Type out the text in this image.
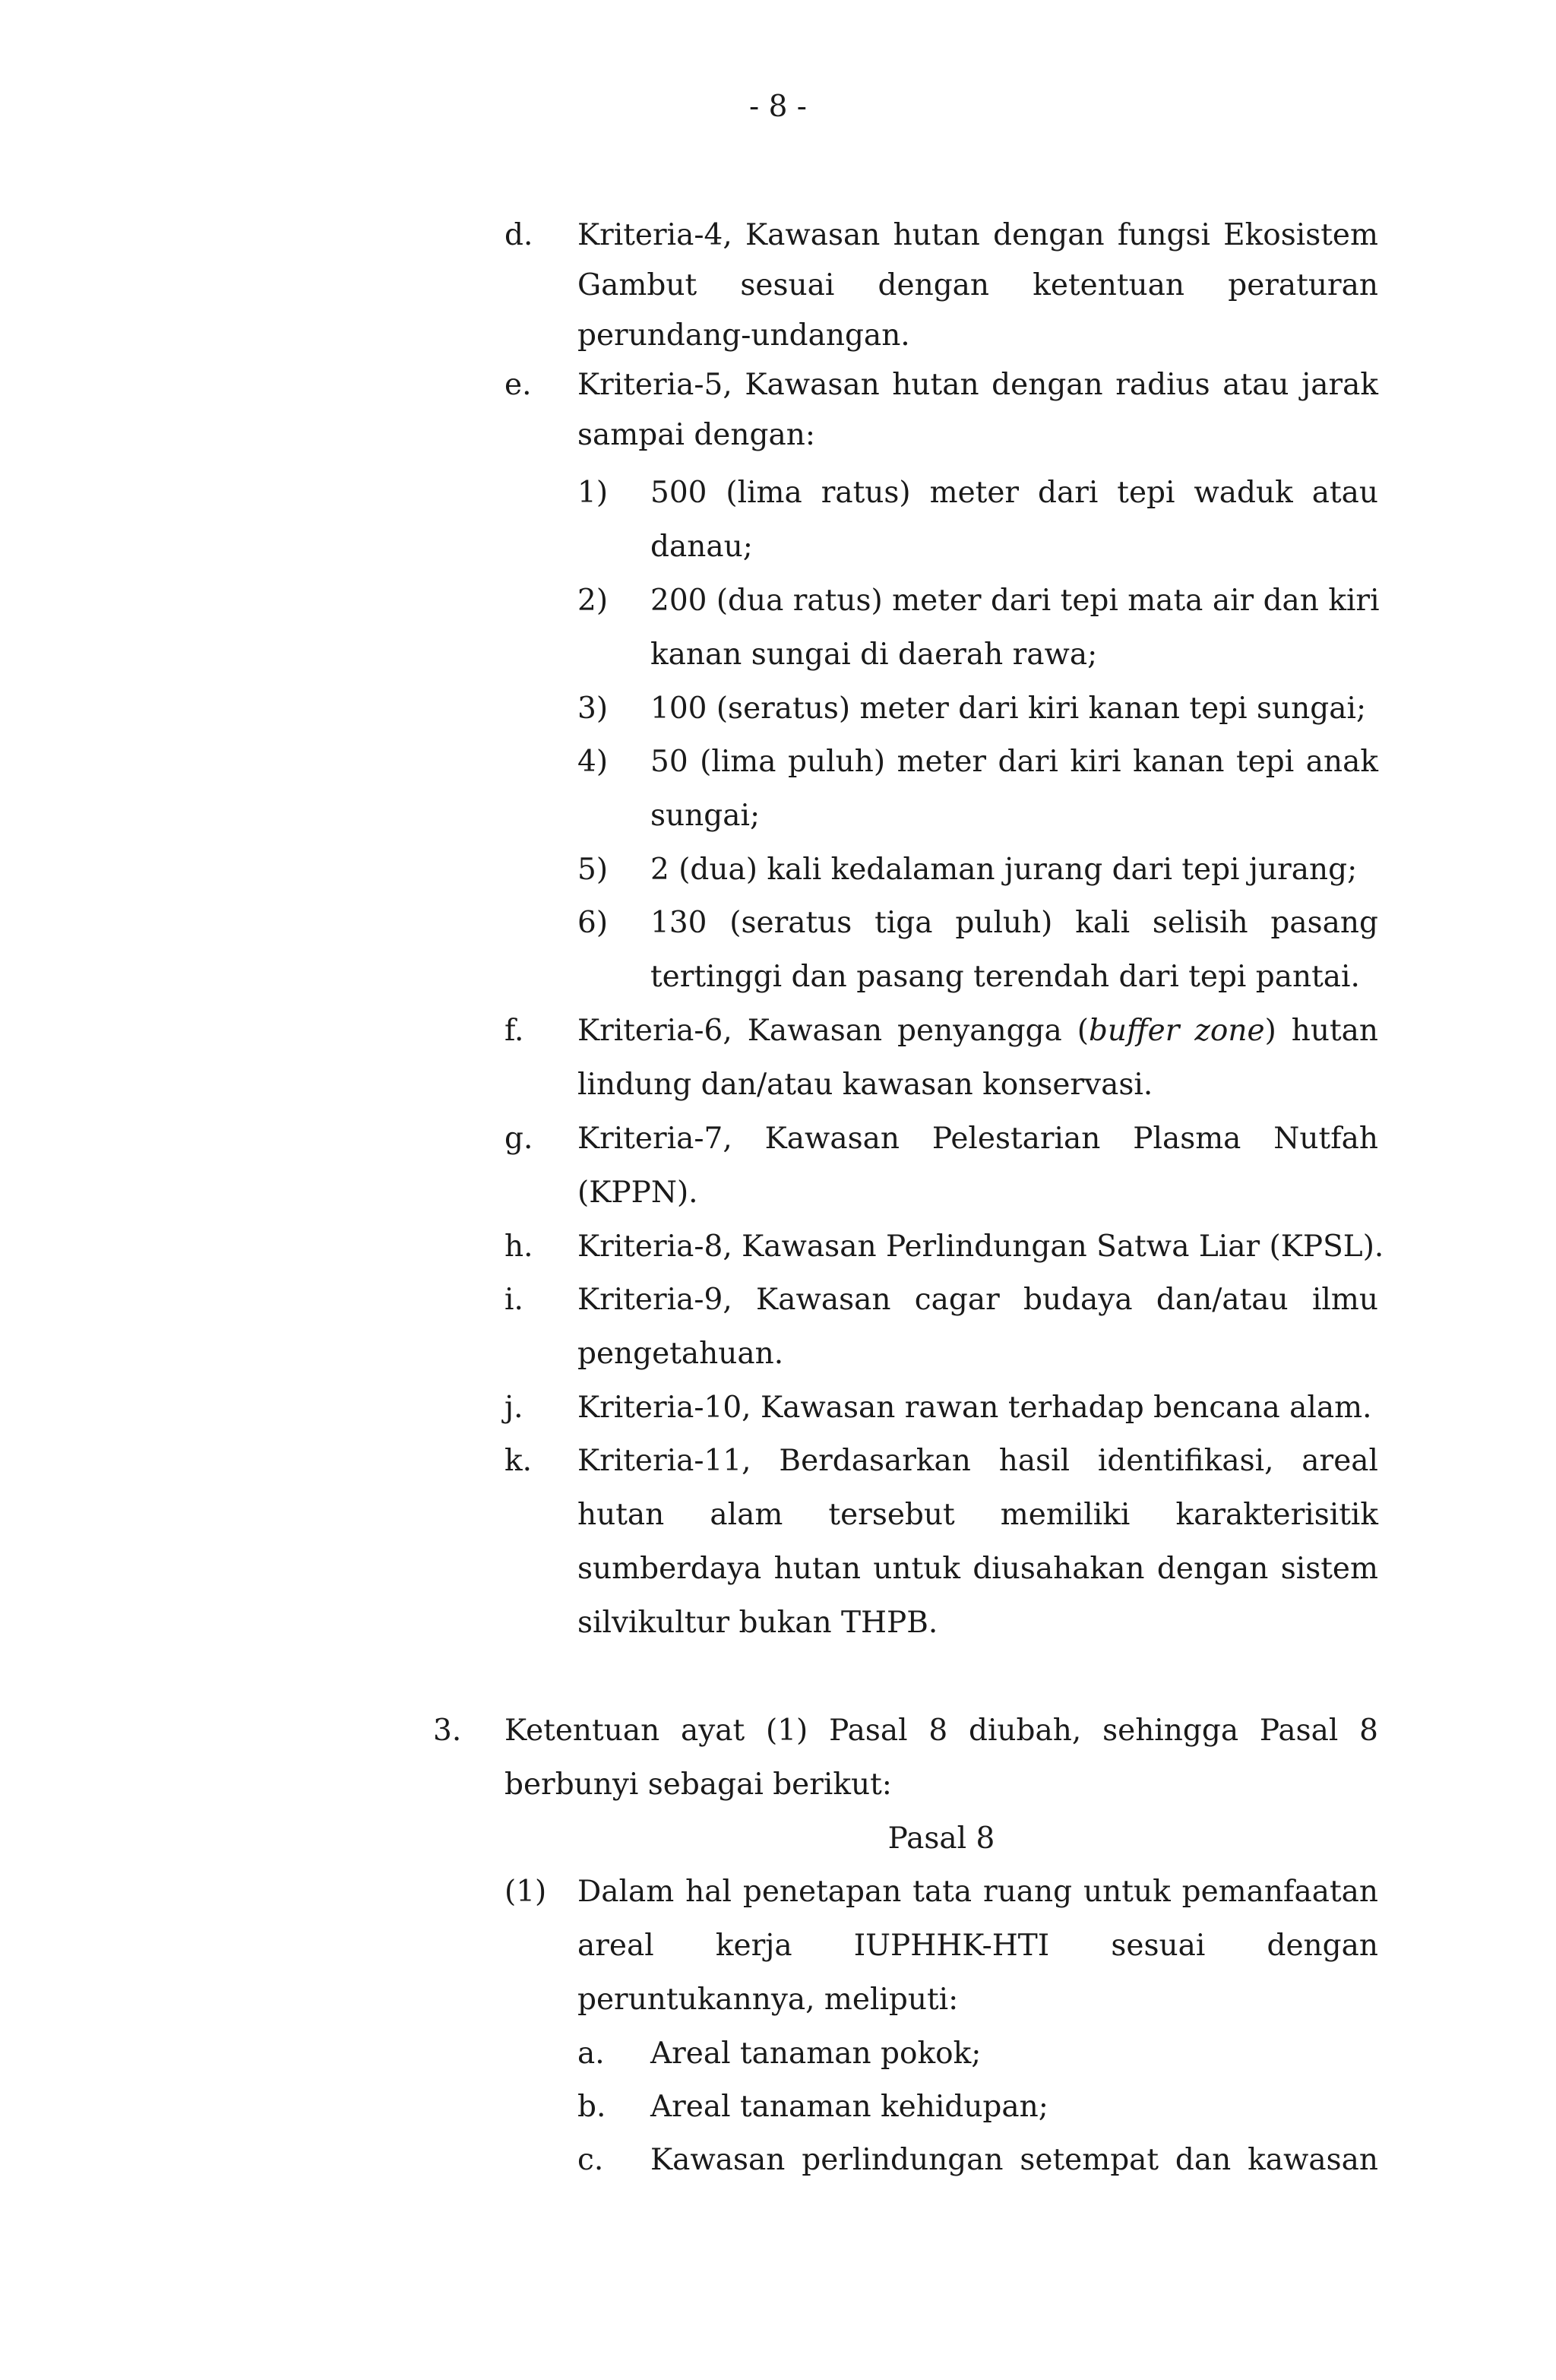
- 8 -
d. Kriteria-4, Kawasan hutan dengan fungsi Ekosistem
Gambut sesuai dengan ketentuan peraturan
perundang-undangan.
e. Kriteria-5, Kawasan hutan dengan radius atau jarak
sampai dengan:
1) 500 (lima ratus) meter dari tepi waduk atau
danau;
2) 200 (dua ratus) meter dari tepi mata air dan kiri
kanan sungai di daerah rawa;
3) 100 (seratus) meter dari kiri kanan tepi sungai;
4) 50 (lima puluh) meter dari kiri kanan tepi anak
sungai;
5) 2 (dua) kali kedalaman jurang dari tepi jurang;
6) 130 (seratus tiga puluh) kali selisih pasang
tertinggi dan pasang terendah dari tepi pantai.
f. Kriteria-6, Kawasan penyangga (buffer zone) hutan
lindung dan/atau kawasan konservasi.
g. Kriteria-7, Kawasan Pelestarian Plasma Nutfah
(KPPN).
h. Kriteria-8, Kawasan Perlindungan Satwa Liar (KPSL).
i. Kriteria-9, Kawasan cagar budaya dan/atau ilmu
pengetahuan.
j. Kriteria-10, Kawasan rawan terhadap bencana alam.
k. Kriteria-11, Berdasarkan hasil identifikasi, areal
hutan alam tersebut memiliki karakterisitik
sumberdaya hutan untuk diusahakan dengan sistem
silvikultur bukan THPB.
3. Ketentuan ayat (1) Pasal 8 diubah, sehingga Pasal 8
berbunyi sebagai berikut:
Pasal 8
(1) Dalam hal penetapan tata ruang untuk pemanfaatan
areal kerja IUPHHK-HTI sesuai dengan
peruntukannya, meliputi:
a. Areal tanaman pokok;
b. Areal tanaman kehidupan;
c. Kawasan perlindungan setempat dan kawasan
